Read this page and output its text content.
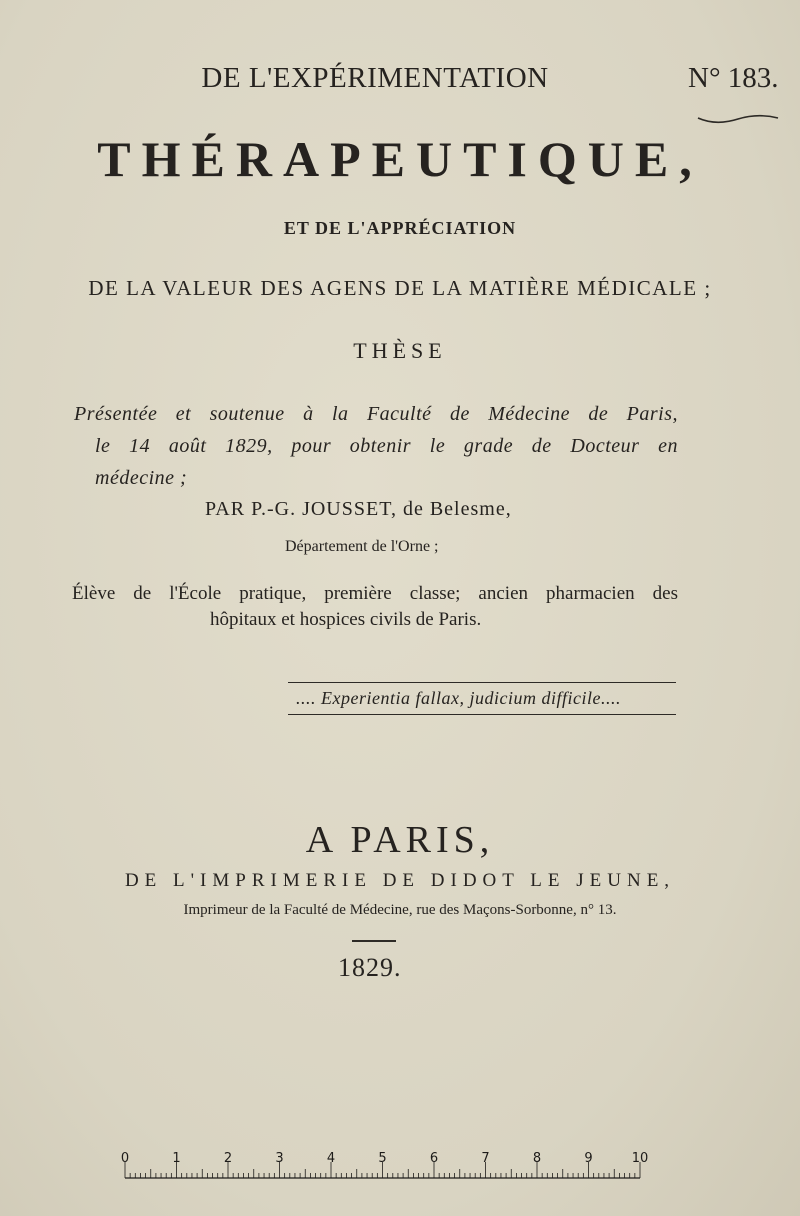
DE L'EXPÉRIMENTATION	N° 183.
THÉRAPEUTIQUE,
ET DE L'APPRÉCIATION
DE LA VALEUR DES AGENS DE LA MATIÈRE MÉDICALE ;
THÈSE
Présentée et soutenue à la Faculté de Médecine de Paris,
le 14 août 1829, pour obtenir le grade de Docteur en
médecine ;
PAR P.-G. JOUSSET, de Belesme,
Département de l'Orne ;
Élève de l'École pratique, première classe; ancien pharmacien des
hôpitaux et hospices civils de Paris.
.... Experientia fallax, judicium difficile....
A PARIS,
DE L'IMPRIMERIE DE DIDOT LE JEUNE,
Imprimeur de la Faculté de Médecine, rue des Maçons-Sorbonne, n° 13.
1829.
0	1	2	3	4	5	6	7	8	9	10
